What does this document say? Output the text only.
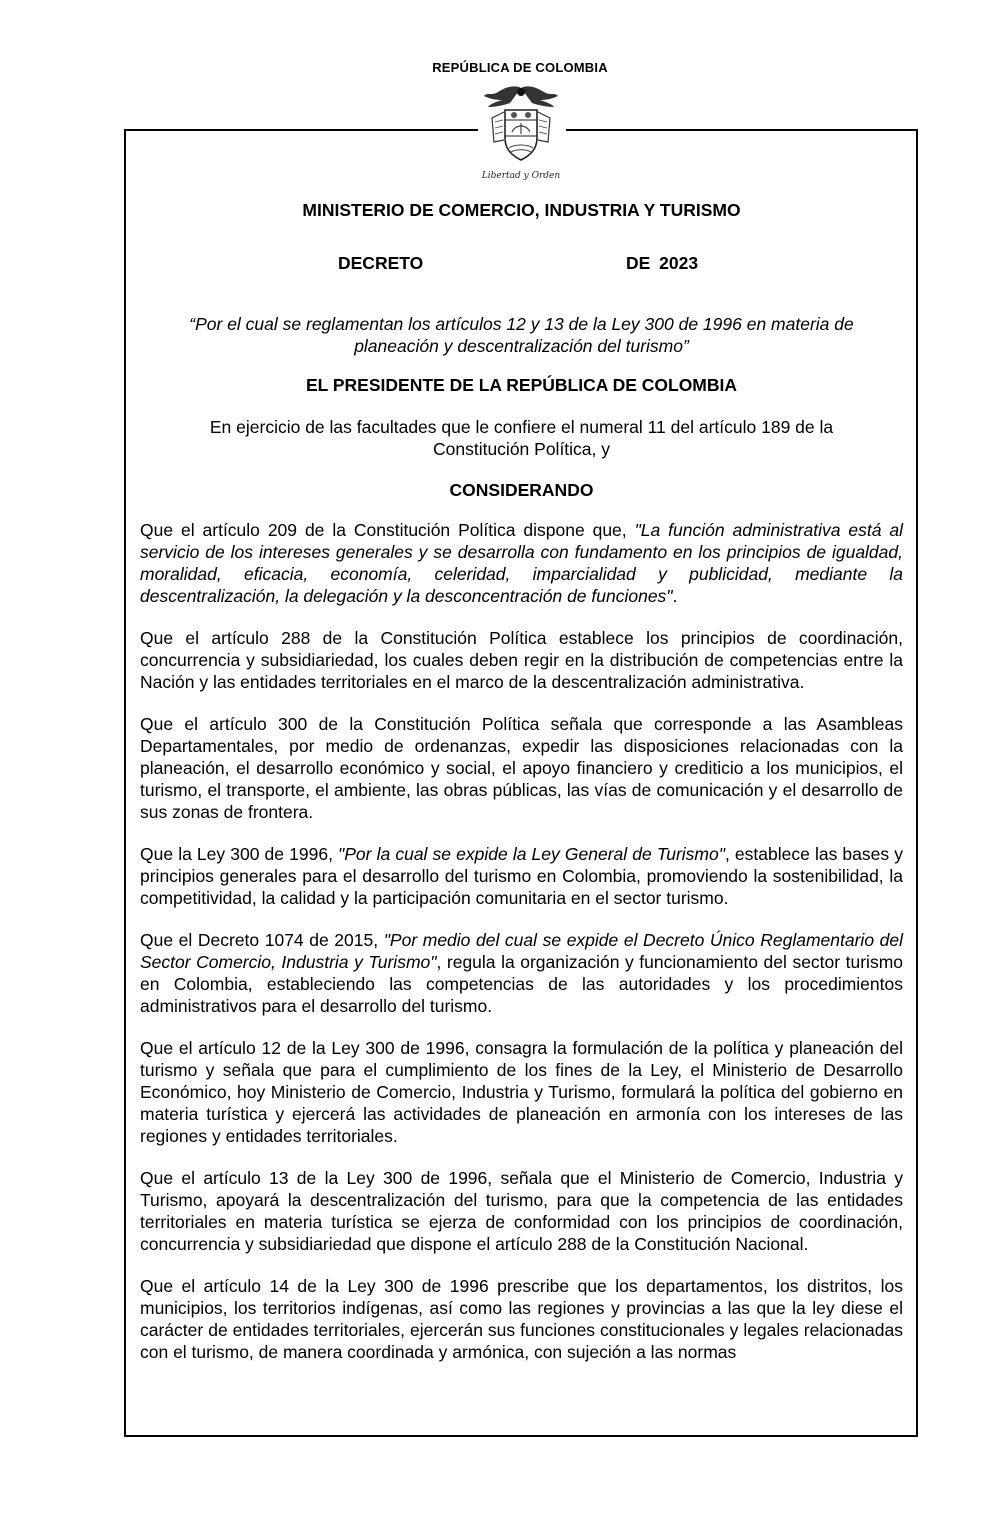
REPÚBLICA DE COLOMBIA
Libertad y Orden
MINISTERIO DE COMERCIO, INDUSTRIA Y TURISMO
DECRETO	DE 2023
“Por el cual se reglamentan los artículos 12 y 13 de la Ley 300 de 1996 en materia de planeación y descentralización del turismo”
EL PRESIDENTE DE LA REPÚBLICA DE COLOMBIA
En ejercicio de las facultades que le confiere el numeral 11 del artículo 189 de la Constitución Política, y
CONSIDERANDO

Que el artículo 209 de la Constitución Política dispone que, "La función administrativa está al servicio de los intereses generales y se desarrolla con fundamento en los principios de igualdad, moralidad, eficacia, economía, celeridad, imparcialidad y publicidad, mediante la descentralización, la delegación y la desconcentración de funciones".

Que el artículo 288 de la Constitución Política establece los principios de coordinación, concurrencia y subsidiariedad, los cuales deben regir en la distribución de competencias entre la Nación y las entidades territoriales en el marco de la descentralización administrativa.

Que el artículo 300 de la Constitución Política señala que corresponde a las Asambleas Departamentales, por medio de ordenanzas, expedir las disposiciones relacionadas con la planeación, el desarrollo económico y social, el apoyo financiero y crediticio a los municipios, el turismo, el transporte, el ambiente, las obras públicas, las vías de comunicación y el desarrollo de sus zonas de frontera.

Que la Ley 300 de 1996, "Por la cual se expide la Ley General de Turismo", establece las bases y principios generales para el desarrollo del turismo en Colombia, promoviendo la sostenibilidad, la competitividad, la calidad y la participación comunitaria en el sector turismo.

Que el Decreto 1074 de 2015, "Por medio del cual se expide el Decreto Único Reglamentario del Sector Comercio, Industria y Turismo", regula la organización y funcionamiento del sector turismo en Colombia, estableciendo las competencias de las autoridades y los procedimientos administrativos para el desarrollo del turismo.

Que el artículo 12 de la Ley 300 de 1996, consagra la formulación de la política y planeación del turismo y señala que para el cumplimiento de los fines de la Ley, el Ministerio de Desarrollo Económico, hoy Ministerio de Comercio, Industria y Turismo, formulará la política del gobierno en materia turística y ejercerá las actividades de planeación en armonía con los intereses de las regiones y entidades territoriales.

Que el artículo 13 de la Ley 300 de 1996, señala que el Ministerio de Comercio, Industria y Turismo, apoyará la descentralización del turismo, para que la competencia de las entidades territoriales en materia turística se ejerza de conformidad con los principios de coordinación, concurrencia y subsidiariedad que dispone el artículo 288 de la Constitución Nacional.

Que el artículo 14 de la Ley 300 de 1996 prescribe que los departamentos, los distritos, los municipios, los territorios indígenas, así como las regiones y provincias a las que la ley diese el carácter de entidades territoriales, ejercerán sus funciones constitucionales y legales relacionadas con el turismo, de manera coordinada y armónica, con sujeción a las normas
